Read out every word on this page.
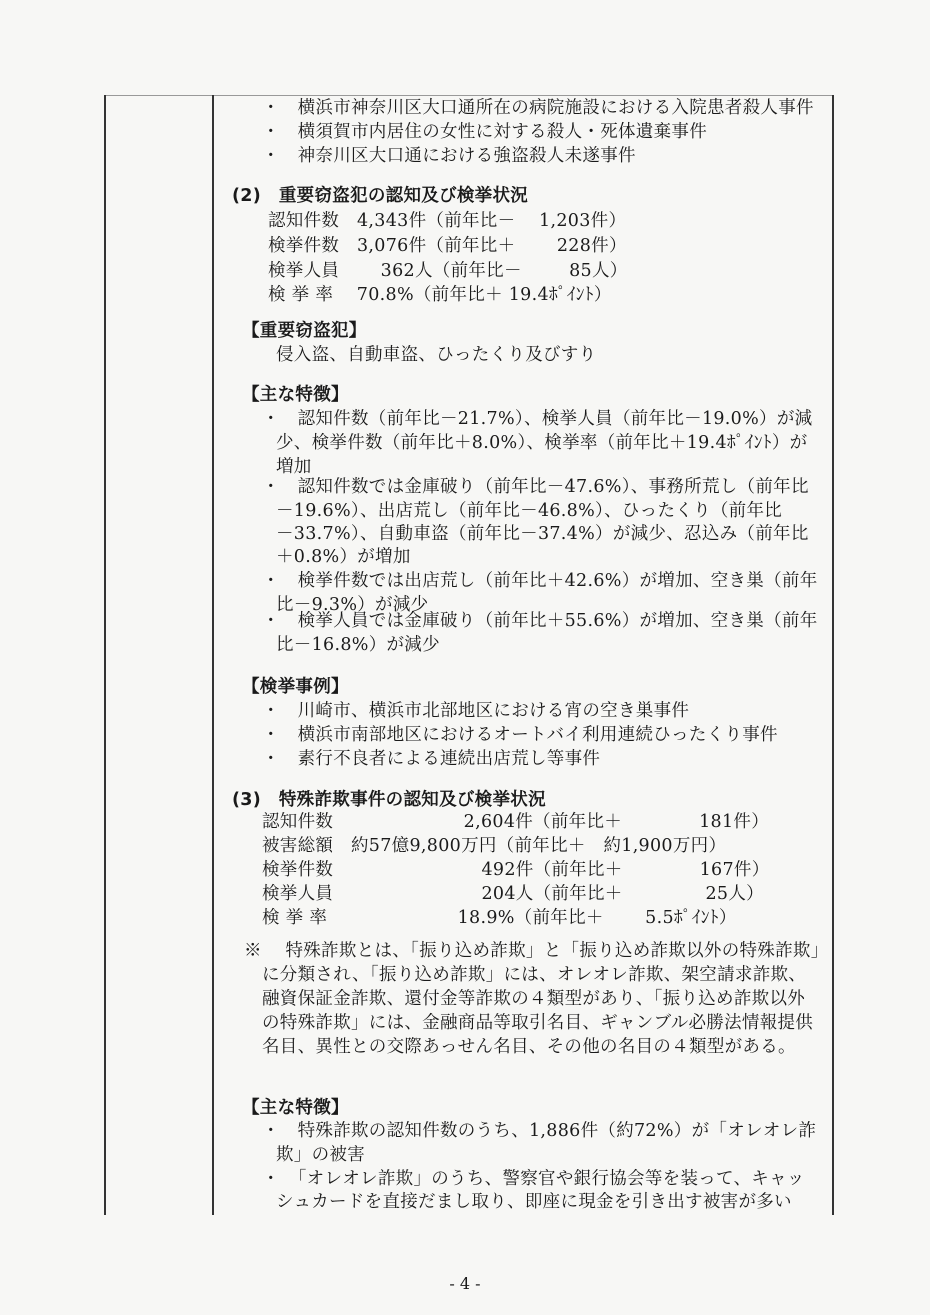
・　横浜市神奈川区大口通所在の病院施設における入院患者殺人事件
・　横須賀市内居住の女性に対する殺人・死体遺棄事件
・　神奈川区大口通における強盗殺人未遂事件
(2)　重要窃盗犯の認知及び検挙状況
認知件数　4,343件（前年比－　 1,203件）
検挙件数　3,076件（前年比＋　 　228件）
検挙人員　 　362人（前年比－　 　 85人）
検 挙 率　 70.8%（前年比＋ 19.4ﾎﾟｲﾝﾄ）
【重要窃盗犯】
侵入盗、自動車盗、ひったくり及びすり
【主な特徴】
・　認知件数（前年比－21.7%）、検挙人員（前年比－19.0%）が減
少、検挙件数（前年比＋8.0%）、検挙率（前年比＋19.4ﾎﾟｲﾝﾄ）が
増加
・　認知件数では金庫破り（前年比－47.6%）、事務所荒し（前年比
－19.6%）、出店荒し（前年比－46.8%）、ひったくり（前年比
－33.7%）、自動車盗（前年比－37.4%）が減少、忍込み（前年比
＋0.8%）が増加
・　検挙件数では出店荒し（前年比＋42.6%）が増加、空き巣（前年
比－9.3%）が減少
・　検挙人員では金庫破り（前年比＋55.6%）が増加、空き巣（前年
比－16.8%）が減少
【検挙事例】
・　川崎市、横浜市北部地区における宵の空き巣事件
・　横浜市南部地区におけるオートバイ利用連続ひったくり事件
・　素行不良者による連続出店荒し等事件
(3)　特殊詐欺事件の認知及び検挙状況
認知件数　　　　　　 　2,604件（前年比＋　　　 　181件）
被害総額　約57億9,800万円（前年比＋　約1,900万円）
検挙件数　　　　　　　 　492件（前年比＋　　　 　167件）
検挙人員　　　　　　　 　204人（前年比＋　　　 　 25人）
検 挙 率　　　　　　　 18.9%（前年比＋　　 5.5ﾎﾟｲﾝﾄ）
※　 特殊詐欺とは、「振り込め詐欺」と「振り込め詐欺以外の特殊詐欺」
に分類され、「振り込め詐欺」には、オレオレ詐欺、架空請求詐欺、
融資保証金詐欺、還付金等詐欺の４類型があり、「振り込め詐欺以外
の特殊詐欺」には、金融商品等取引名目、ギャンブル必勝法情報提供
名目、異性との交際あっせん名目、その他の名目の４類型がある。
【主な特徴】
・　特殊詐欺の認知件数のうち、1,886件（約72%）が「オレオレ詐
欺」の被害
・　「オレオレ詐欺」のうち、警察官や銀行協会等を装って、キャッ
シュカードを直接だまし取り、即座に現金を引き出す被害が多い
- 4 -
